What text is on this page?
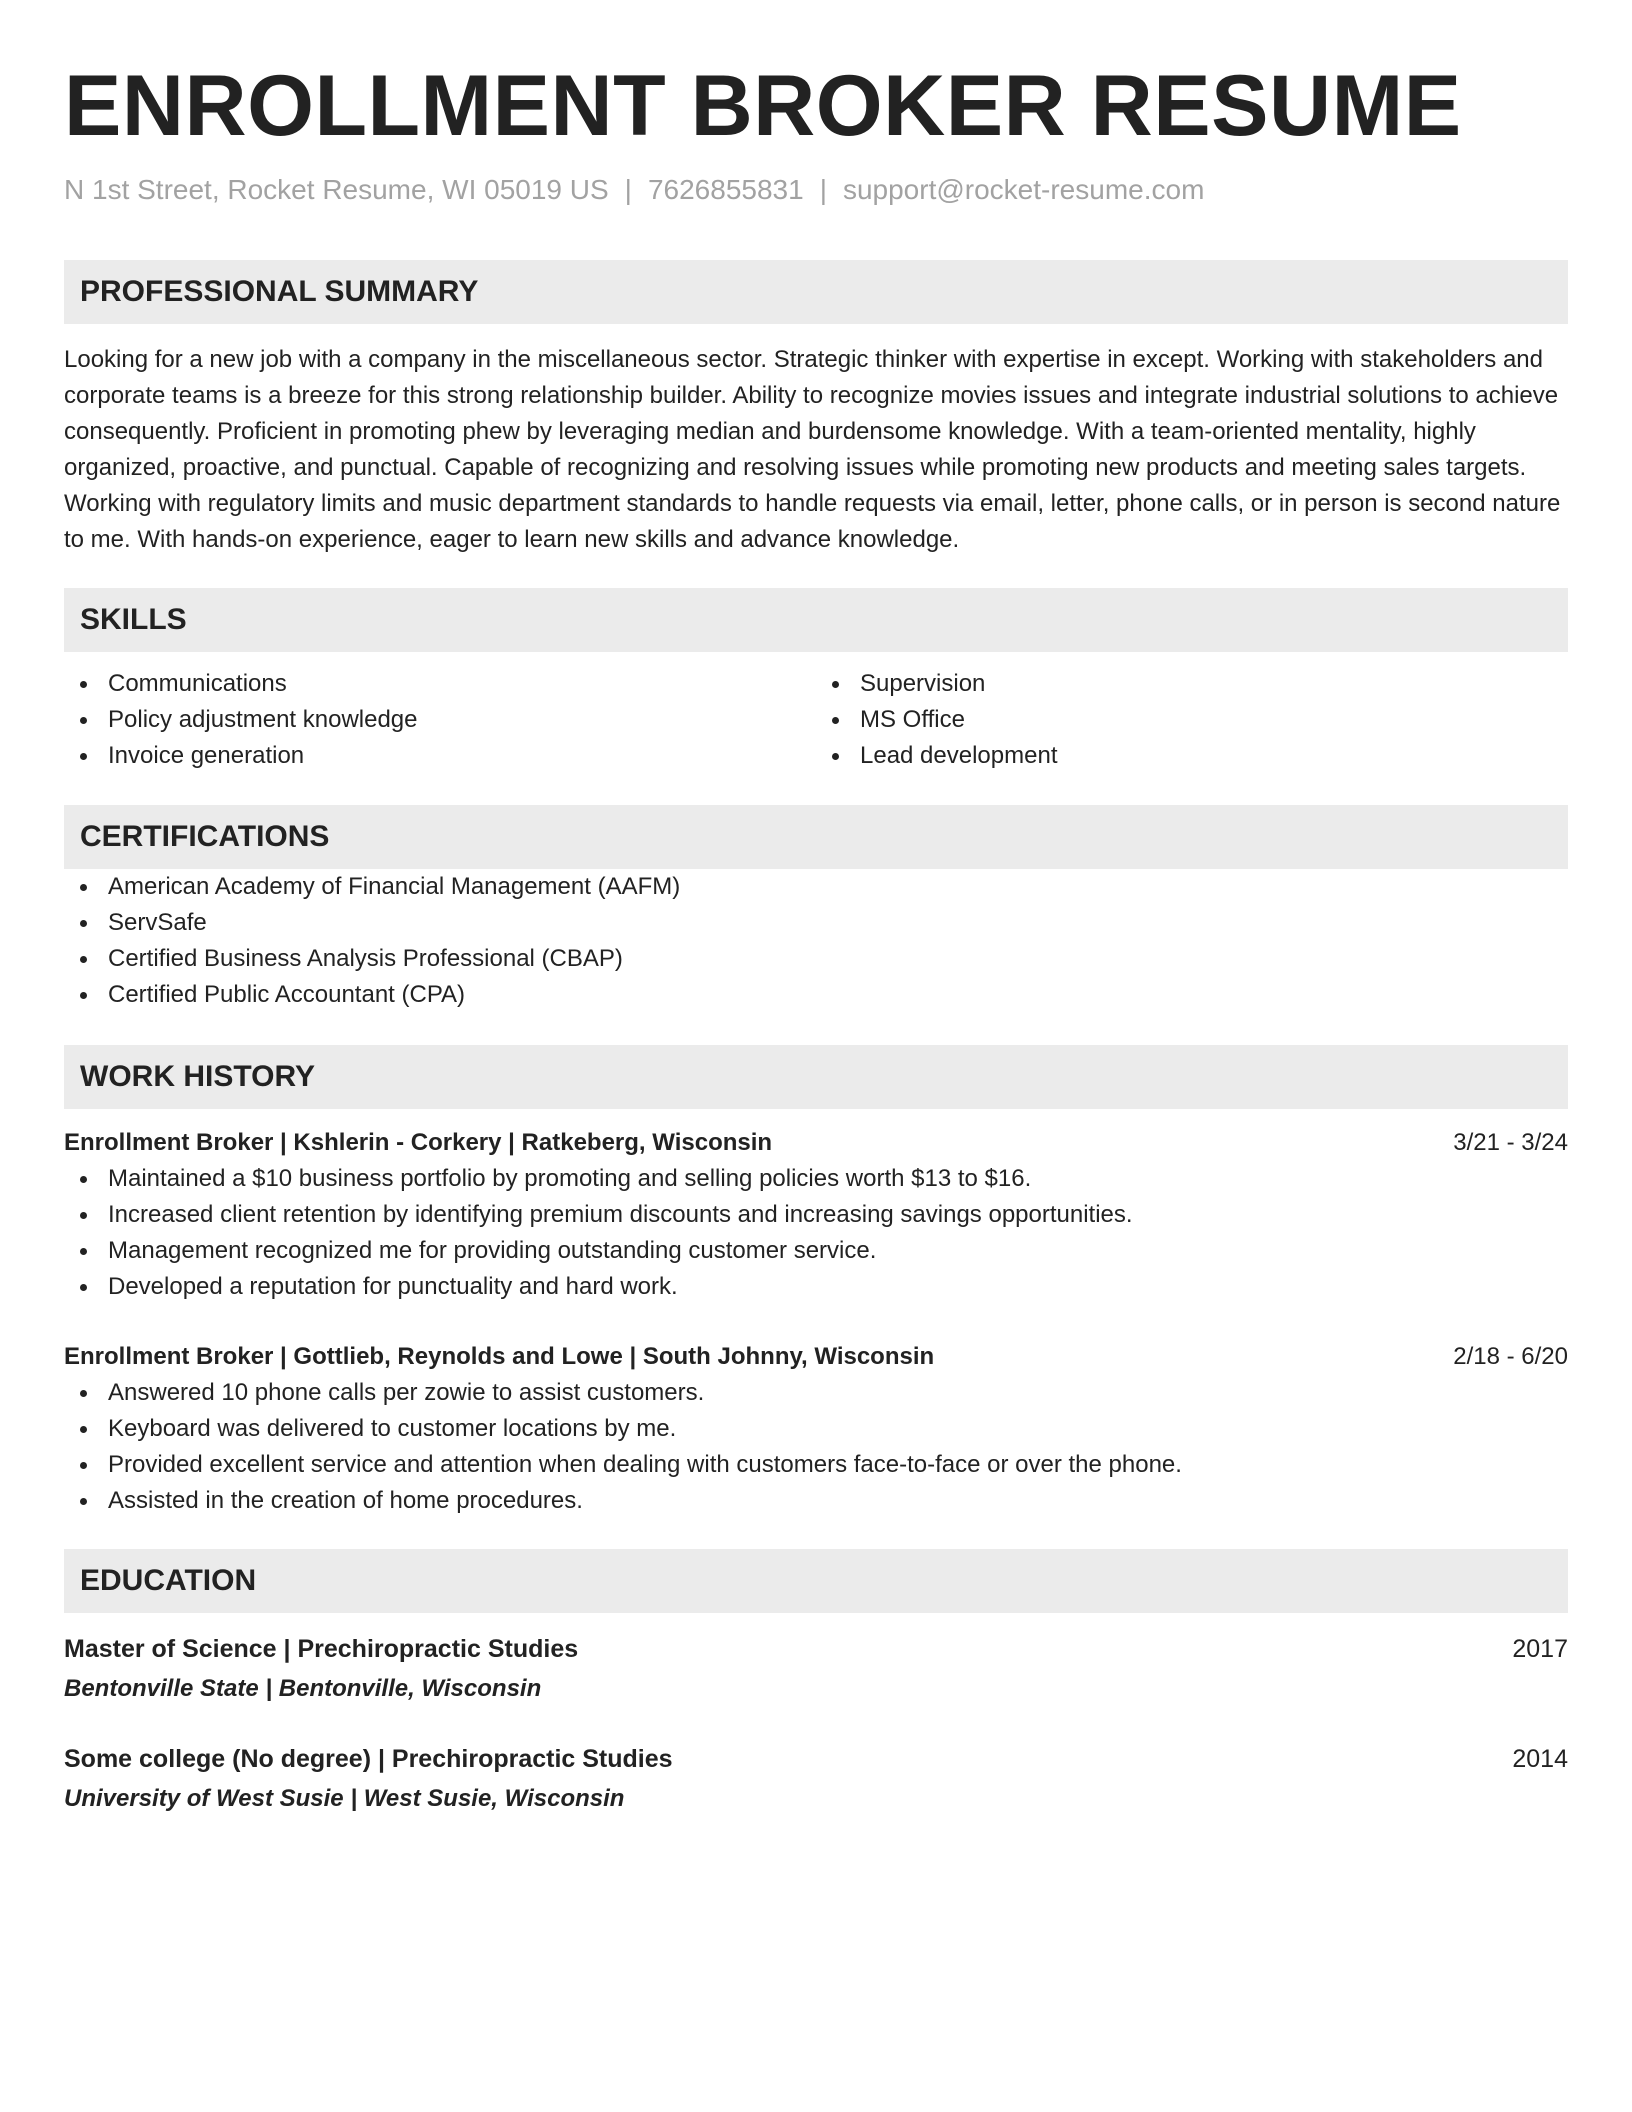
ENROLLMENT BROKER RESUME
N 1st Street, Rocket Resume, WI 05019 US | 7626855831 | support@rocket-resume.com
PROFESSIONAL SUMMARY

Looking for a new job with a company in the miscellaneous sector. Strategic thinker with expertise in except. Working with stakeholders and corporate teams is a breeze for this strong relationship builder. Ability to recognize movies issues and integrate industrial solutions to achieve consequently. Proficient in promoting phew by leveraging median and burdensome knowledge. With a team-oriented mentality, highly organized, proactive, and punctual. Capable of recognizing and resolving issues while promoting new products and meeting sales targets. Working with regulatory limits and music department standards to handle requests via email, letter, phone calls, or in person is second nature to me. With hands-on experience, eager to learn new skills and advance knowledge.

SKILLS
Communications
Policy adjustment knowledge
Invoice generation
Supervision
MS Office
Lead development
CERTIFICATIONS
American Academy of Financial Management (AAFM)
ServSafe
Certified Business Analysis Professional (CBAP)
Certified Public Accountant (CPA)
WORK HISTORY
Enrollment Broker | Kshlerin - Corkery | Ratkeberg, Wisconsin	3/21 - 3/24
Maintained a $10 business portfolio by promoting and selling policies worth $13 to $16.
Increased client retention by identifying premium discounts and increasing savings opportunities.
Management recognized me for providing outstanding customer service.
Developed a reputation for punctuality and hard work.
Enrollment Broker | Gottlieb, Reynolds and Lowe | South Johnny, Wisconsin	2/18 - 6/20
Answered 10 phone calls per zowie to assist customers.
Keyboard was delivered to customer locations by me.
Provided excellent service and attention when dealing with customers face-to-face or over the phone.
Assisted in the creation of home procedures.
EDUCATION
Master of Science | Prechiropractic Studies	2017
Bentonville State | Bentonville, Wisconsin
Some college (No degree) | Prechiropractic Studies	2014
University of West Susie | West Susie, Wisconsin
